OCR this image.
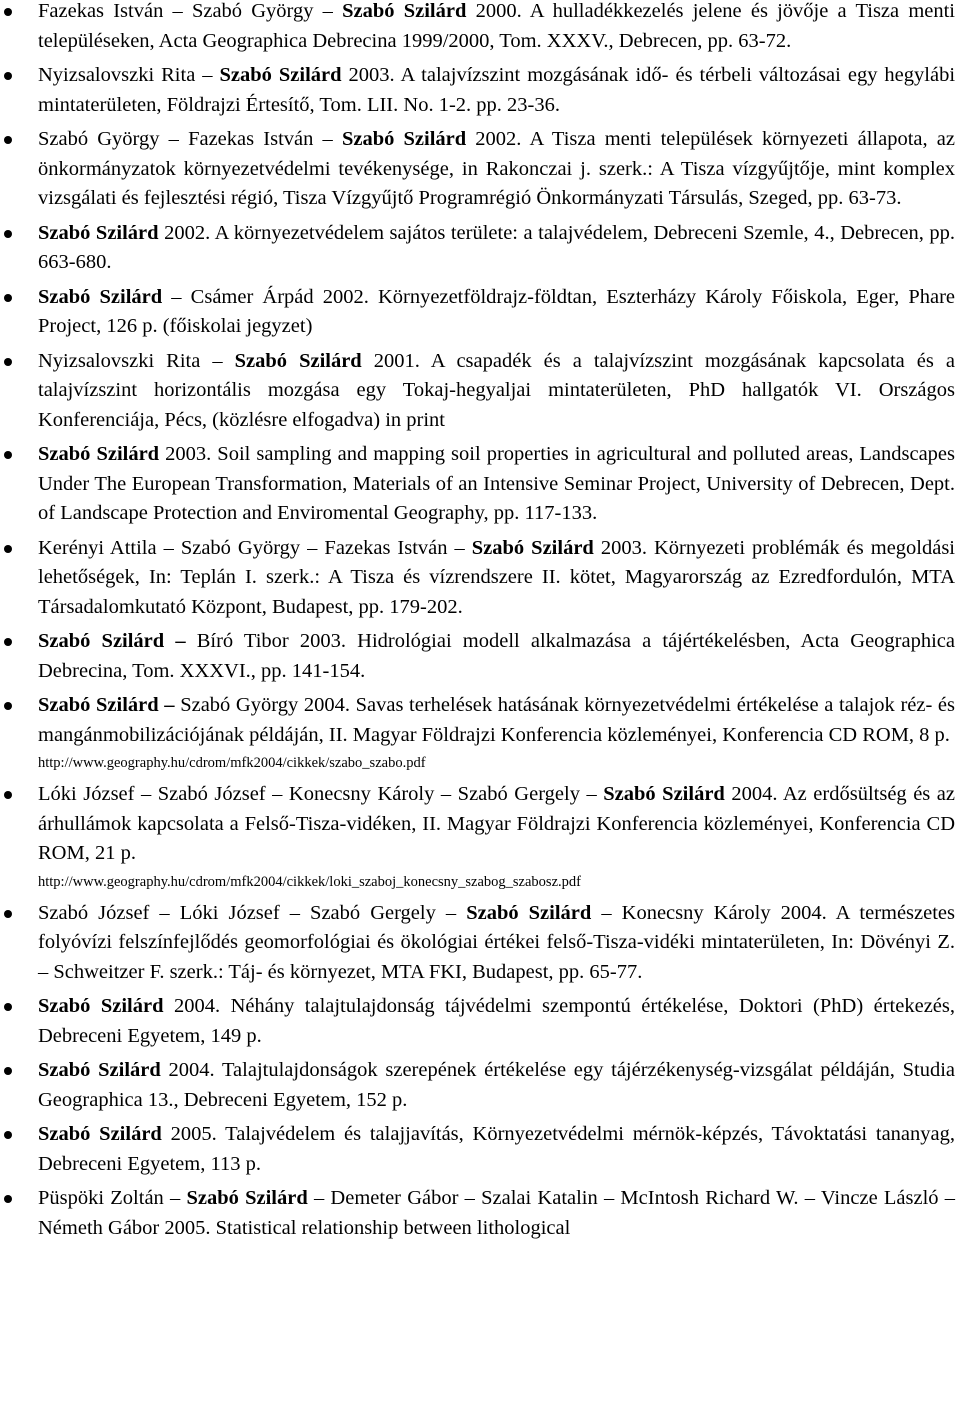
Fazekas István – Szabó György – Szabó Szilárd 2000. A hulladékkezelés jelene és jövője a Tisza menti településeken, Acta Geographica Debrecina 1999/2000, Tom. XXXV., Debrecen, pp. 63-72.
Nyizsalovszki Rita – Szabó Szilárd 2003. A talajvízszint mozgásának idő- és térbeli változásai egy hegylábi mintaterületen, Földrajzi Értesítő, Tom. LII. No. 1-2. pp. 23-36.
Szabó György – Fazekas István – Szabó Szilárd 2002. A Tisza menti települések környezeti állapota, az önkormányzatok környezetvédelmi tevékenysége, in Rakonczai j. szerk.: A Tisza vízgyűjtője, mint komplex vizsgálati és fejlesztési régió, Tisza Vízgyűjtő Programrégió Önkormányzati Társulás, Szeged, pp. 63-73.
Szabó Szilárd 2002. A környezetvédelem sajátos területe: a talajvédelem, Debreceni Szemle, 4., Debrecen, pp. 663-680.
Szabó Szilárd – Csámer Árpád 2002. Környezetföldrajz-földtan, Eszterházy Károly Főiskola, Eger, Phare Project, 126 p. (főiskolai jegyzet)
Nyizsalovszki Rita – Szabó Szilárd 2001. A csapadék és a talajvízszint mozgásának kapcsolata és a talajvízszint horizontális mozgása egy Tokaj-hegyaljai mintaterületen, PhD hallgatók VI. Országos Konferenciája, Pécs, (közlésre elfogadva) in print
Szabó Szilárd 2003. Soil sampling and mapping soil properties in agricultural and polluted areas, Landscapes Under The European Transformation, Materials of an Intensive Seminar Project, University of Debrecen, Dept. of Landscape Protection and Enviromental Geography, pp. 117-133.
Kerényi Attila – Szabó György – Fazekas István – Szabó Szilárd 2003. Környezeti problémák és megoldási lehetőségek, In: Teplán I. szerk.: A Tisza és vízrendszere II. kötet, Magyarország az Ezredfordulón, MTA Társadalomkutató Központ, Budapest, pp. 179-202.
Szabó Szilárd – Bíró Tibor 2003. Hidrológiai modell alkalmazása a tájértékelésben, Acta Geographica Debrecina, Tom. XXXVI., pp. 141-154.
Szabó Szilárd – Szabó György 2004. Savas terhelések hatásának környezetvédelmi értékelése a talajok réz- és mangánmobilizációjának példáján, II. Magyar Földrajzi Konferencia közleményei, Konferencia CD ROM, 8 p.
http://www.geography.hu/cdrom/mfk2004/cikkek/szabo_szabo.pdf
Lóki József – Szabó József – Konecsny Károly – Szabó Gergely – Szabó Szilárd 2004. Az erdősültség és az árhullámok kapcsolata a Felső-Tisza-vidéken, II. Magyar Földrajzi Konferencia közleményei, Konferencia CD ROM, 21 p.
http://www.geography.hu/cdrom/mfk2004/cikkek/loki_szaboj_konecsny_szabog_szabosz.pdf
Szabó József – Lóki József – Szabó Gergely – Szabó Szilárd – Konecsny Károly 2004. A természetes folyóvízi felszínfejlődés geomorfológiai és ökológiai értékei felső-Tisza-vidéki mintaterületen, In: Dövényi Z. – Schweitzer F. szerk.: Táj- és környezet, MTA FKI, Budapest, pp. 65-77.
Szabó Szilárd 2004. Néhány talajtulajdonság tájvédelmi szempontú értékelése, Doktori (PhD) értekezés, Debreceni Egyetem, 149 p.
Szabó Szilárd 2004. Talajtulajdonságok szerepének értékelése egy tájérzékenység-vizsgálat példáján, Studia Geographica 13., Debreceni Egyetem, 152 p.
Szabó Szilárd 2005. Talajvédelem és talajjavítás, Környezetvédelmi mérnök-képzés, Távoktatási tananyag, Debreceni Egyetem, 113 p.
Püspöki Zoltán – Szabó Szilárd – Demeter Gábor – Szalai Katalin – McIntosh Richard W. – Vincze László – Németh Gábor 2005. Statistical relationship between lithological
